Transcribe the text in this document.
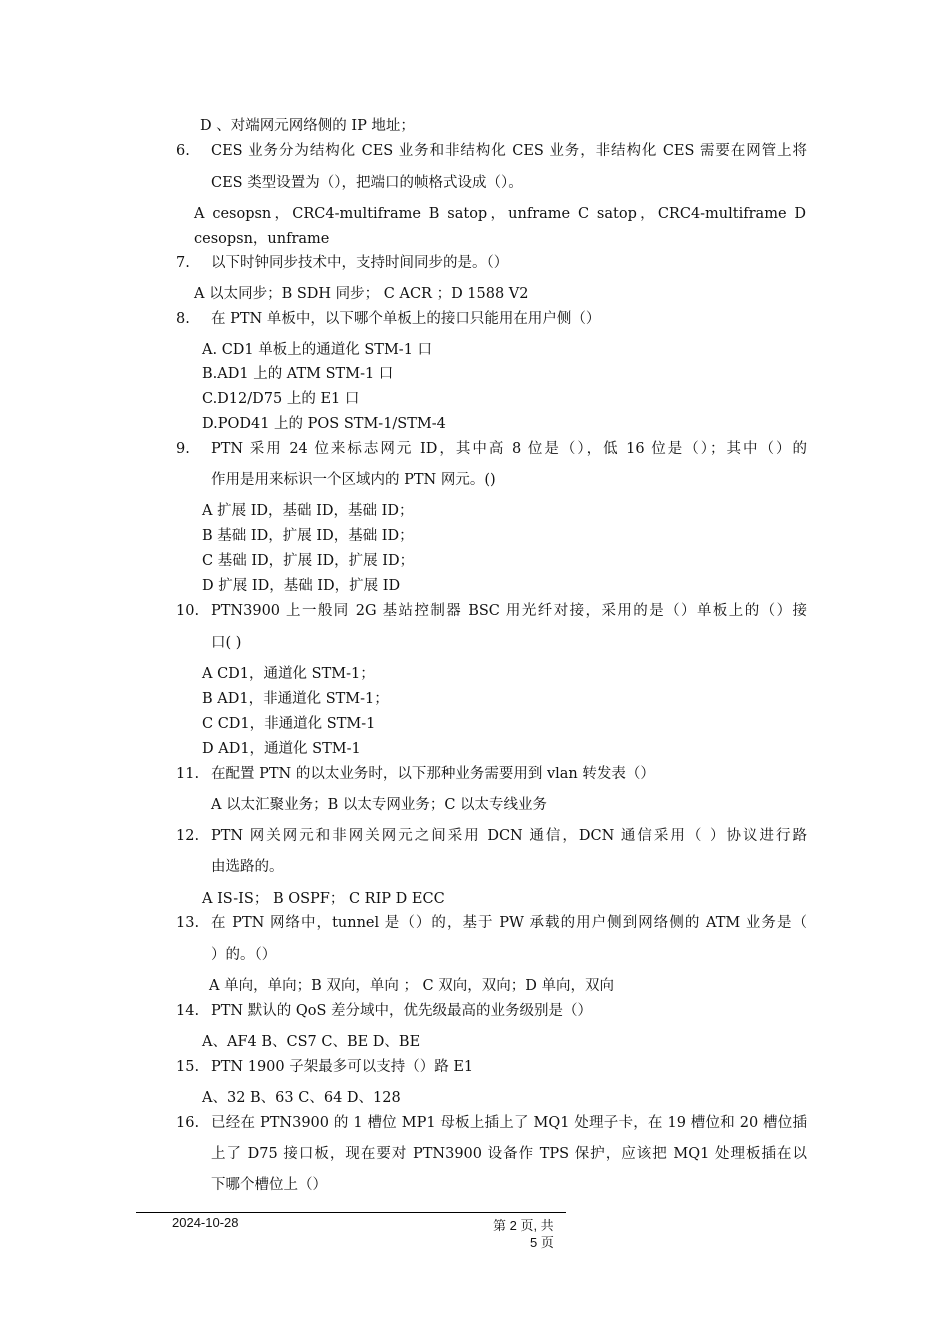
D 、对端网元网络侧的 IP 地址；
6.	CES 业务分为结构化 CES 业务和非结构化 CES 业务，非结构化 CES 需要在网管上将
CES 类型设置为（），把端口的帧格式设成（）。
A cesopsn，CRC4-multiframe B satop，unframe C satop，CRC4-multiframe D
cesopsn，unframe
7.	以下时钟同步技术中，支持时间同步的是。（）
A 以太同步；B SDH 同步； C ACR ；D 1588 V2
8.	在 PTN 单板中，以下哪个单板上的接口只能用在用户侧（）
A. CD1 单板上的通道化 STM-1 口
B.AD1 上的 ATM STM-1 口
C.D12/D75 上的 E1 口
D.POD41 上的 POS STM-1/STM-4
9.	PTN 采用 24 位来标志网元 ID，其中高 8 位是（），低 16 位是（）；其中（）的
作用是用来标识一个区域内的 PTN 网元。()
A 扩展 ID，基础 ID，基础 ID；
B 基础 ID，扩展 ID，基础 ID；
C 基础 ID，扩展 ID，扩展 ID；
D 扩展 ID，基础 ID，扩展 ID
10. PTN3900 上一般同 2G 基站控制器 BSC 用光纤对接，采用的是（）单板上的（）接
口( )
A CD1，通道化 STM-1；
B AD1，非通道化 STM-1；
C CD1，非通道化 STM-1
D AD1，通道化 STM-1
11. 在配置 PTN 的以太业务时，以下那种业务需要用到 vlan 转发表（）
A 以太汇聚业务；B 以太专网业务；C 以太专线业务
12. PTN 网关网元和非网关网元之间采用 DCN 通信，DCN 通信采用（ ）协议进行路
由选路的。
A IS-IS； B OSPF； C RIP D ECC
13. 在 PTN 网络中，tunnel 是（）的，基于 PW 承载的用户侧到网络侧的 ATM 业务是（
）的。（）
A 单向，单向；B 双向，单向 ； C 双向，双向；D 单向，双向
14. PTN 默认的 QoS 差分域中，优先级最高的业务级别是（）
A、AF4 B、CS7 C、BE D、BE
15. PTN 1900 子架最多可以支持（）路 E1
A、32 B、63 C、64 D、128
16. 已经在 PTN3900 的 1 槽位 MP1 母板上插上了 MQ1 处理子卡，在 19 槽位和 20 槽位插
上了 D75 接口板，现在要对 PTN3900 设备作 TPS 保护，应该把 MQ1 处理板插在以
下哪个槽位上（）
2024-10-28	第 2 页, 共
5 页
